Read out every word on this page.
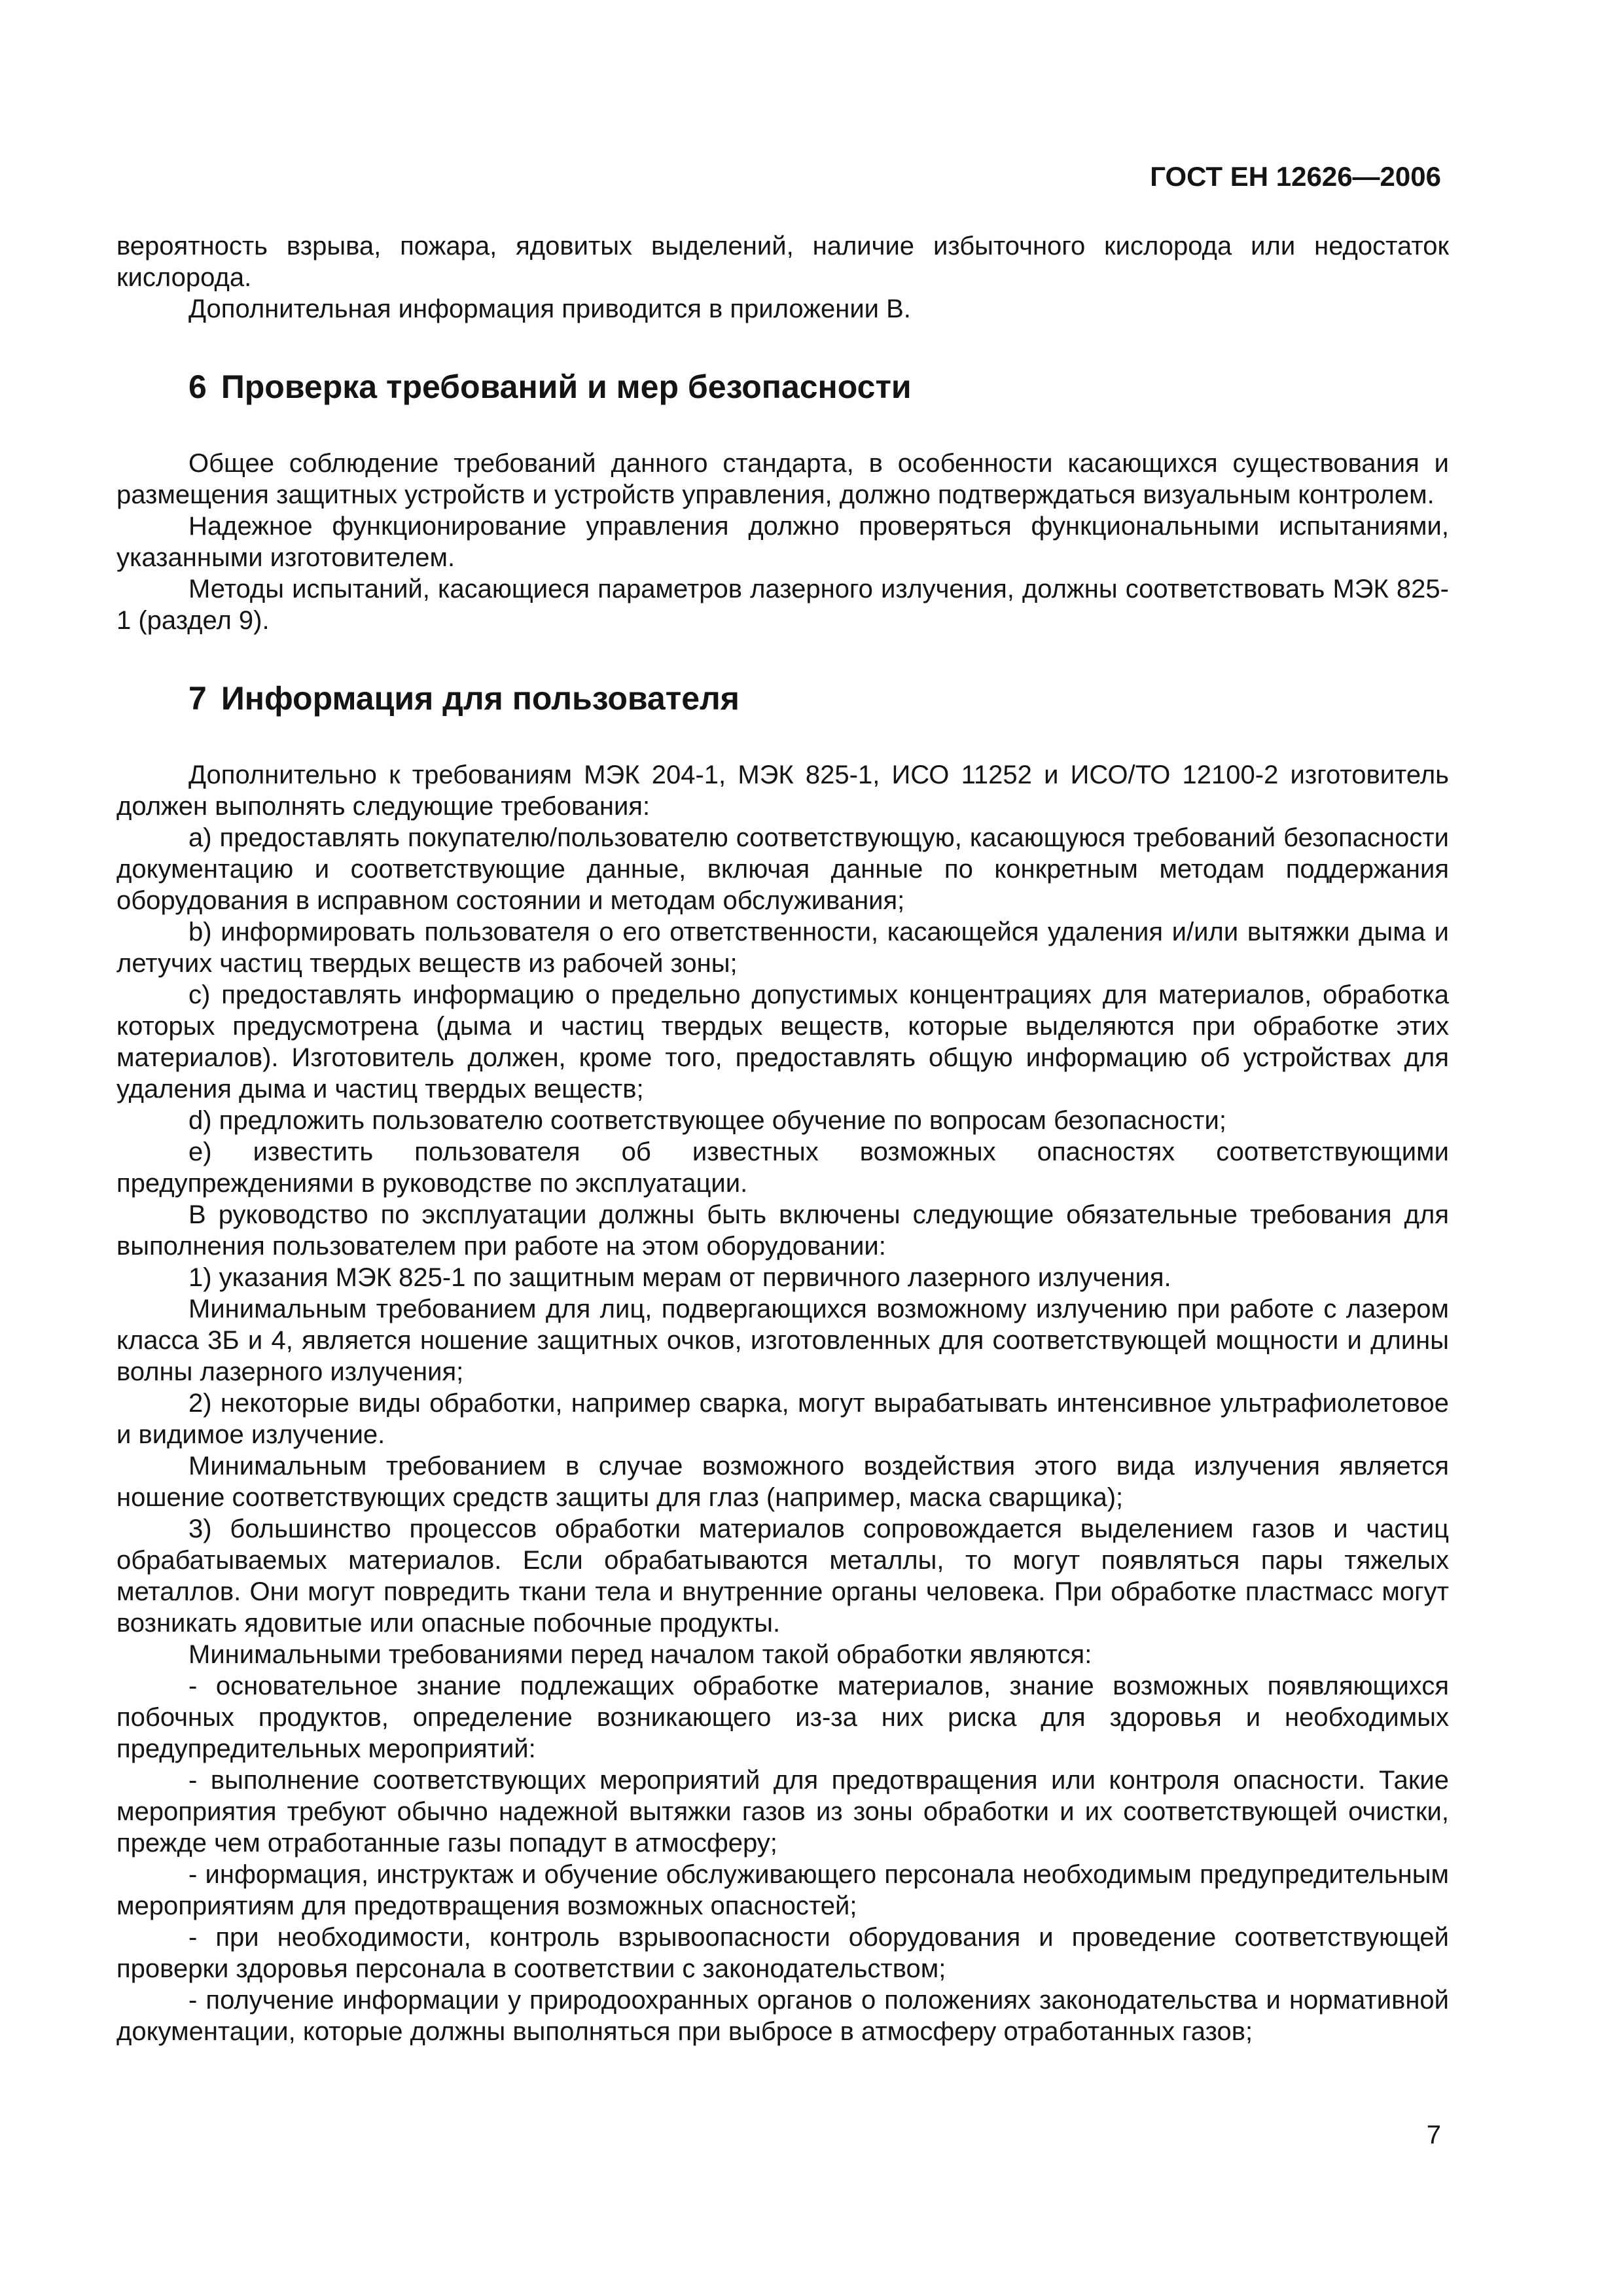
ГОСТ ЕН 12626—2006

вероятность взрыва, пожара, ядовитых выделений, наличие избыточного кислорода или недостаток кислорода.

Дополнительная информация приводится в приложении В.

6 Проверка требований и мер безопасности

Общее соблюдение требований данного стандарта, в особенности касающихся существования и размещения защитных устройств и устройств управления, должно подтверждаться визуальным контролем.

Надежное функционирование управления должно проверяться функциональными испытаниями, указанными изготовителем.

Методы испытаний, касающиеся параметров лазерного излучения, должны соответствовать МЭК 825-1 (раздел 9).

7 Информация для пользователя

Дополнительно к требованиям МЭК 204-1, МЭК 825-1, ИСО 11252 и ИСО/ТО 12100-2 изготовитель должен выполнять следующие требования:

a) предоставлять покупателю/пользователю соответствующую, касающуюся требований безопасности документацию и соответствующие данные, включая данные по конкретным методам поддержания оборудования в исправном состоянии и методам обслуживания;

b) информировать пользователя о его ответственности, касающейся удаления и/или вытяжки дыма и летучих частиц твердых веществ из рабочей зоны;

c) предоставлять информацию о предельно допустимых концентрациях для материалов, обработка которых предусмотрена (дыма и частиц твердых веществ, которые выделяются при обработке этих материалов). Изготовитель должен, кроме того, предоставлять общую информацию об устройствах для удаления дыма и частиц твердых веществ;

d) предложить пользователю соответствующее обучение по вопросам безопасности;

e) известить пользователя об известных возможных опасностях соответствующими предупреждениями в руководстве по эксплуатации.

В руководство по эксплуатации должны быть включены следующие обязательные требования для выполнения пользователем при работе на этом оборудовании:

1) указания МЭК 825-1 по защитным мерам от первичного лазерного излучения.

Минимальным требованием для лиц, подвергающихся возможному излучению при работе с лазером класса 3Б и 4, является ношение защитных очков, изготовленных для соответствующей мощности и длины волны лазерного излучения;

2) некоторые виды обработки, например сварка, могут вырабатывать интенсивное ультрафиолетовое и видимое излучение.

Минимальным требованием в случае возможного воздействия этого вида излучения является ношение соответствующих средств защиты для глаз (например, маска сварщика);

3) большинство процессов обработки материалов сопровождается выделением газов и частиц обрабатываемых материалов. Если обрабатываются металлы, то могут появляться пары тяжелых металлов. Они могут повредить ткани тела и внутренние органы человека. При обработке пластмасс могут возникать ядовитые или опасные побочные продукты.

Минимальными требованиями перед началом такой обработки являются:

- основательное знание подлежащих обработке материалов, знание возможных появляющихся побочных продуктов, определение возникающего из-за них риска для здоровья и необходимых предупредительных мероприятий:

- выполнение соответствующих мероприятий для предотвращения или контроля опасности. Такие мероприятия требуют обычно надежной вытяжки газов из зоны обработки и их соответствующей очистки, прежде чем отработанные газы попадут в атмосферу;

- информация, инструктаж и обучение обслуживающего персонала необходимым предупредительным мероприятиям для предотвращения возможных опасностей;

- при необходимости, контроль взрывоопасности оборудования и проведение соответствующей проверки здоровья персонала в соответствии с законодательством;

- получение информации у природоохранных органов о положениях законодательства и нормативной документации, которые должны выполняться при выбросе в атмосферу отработанных газов;

7
